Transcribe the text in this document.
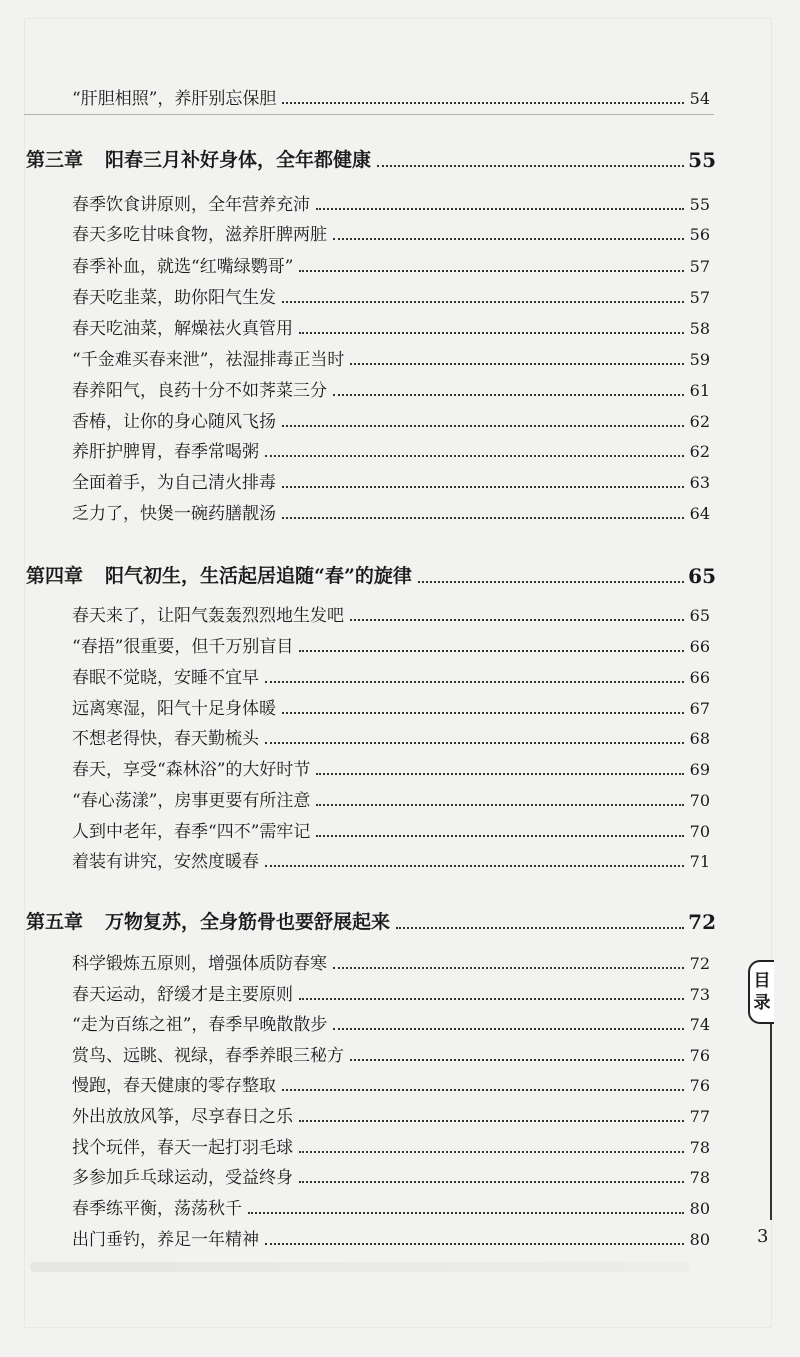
“肝胆相照”，养肝别忘保胆	54
第三章 阳春三月补好身体，全年都健康	55
春季饮食讲原则，全年营养充沛	55
春天多吃甘味食物，滋养肝脾两脏	56
春季补血，就选“红嘴绿鹦哥”	57
春天吃韭菜，助你阳气生发	57
春天吃油菜，解燥祛火真管用	58
“千金难买春来泄”，祛湿排毒正当时	59
春养阳气，良药十分不如荠菜三分	61
香椿，让你的身心随风飞扬	62
养肝护脾胃，春季常喝粥	62
全面着手，为自己清火排毒	63
乏力了，快煲一碗药膳靓汤	64
第四章 阳气初生，生活起居追随“春”的旋律	65
春天来了，让阳气轰轰烈烈地生发吧	65
“春捂”很重要，但千万别盲目	66
春眠不觉晓，安睡不宜早	66
远离寒湿，阳气十足身体暖	67
不想老得快，春天勤梳头	68
春天，享受“森林浴”的大好时节	69
“春心荡漾”，房事更要有所注意	70
人到中老年，春季“四不”需牢记	70
着装有讲究，安然度暖春	71
第五章 万物复苏，全身筋骨也要舒展起来	72
科学锻炼五原则，增强体质防春寒	72
春天运动，舒缓才是主要原则	73
“走为百练之祖”，春季早晚散散步	74
赏鸟、远眺、视绿，春季养眼三秘方	76
慢跑，春天健康的零存整取	76
外出放放风筝，尽享春日之乐	77
找个玩伴，春天一起打羽毛球	78
多参加乒乓球运动，受益终身	78
春季练平衡，荡荡秋千	80
出门垂钓，养足一年精神	80
目
录
3
